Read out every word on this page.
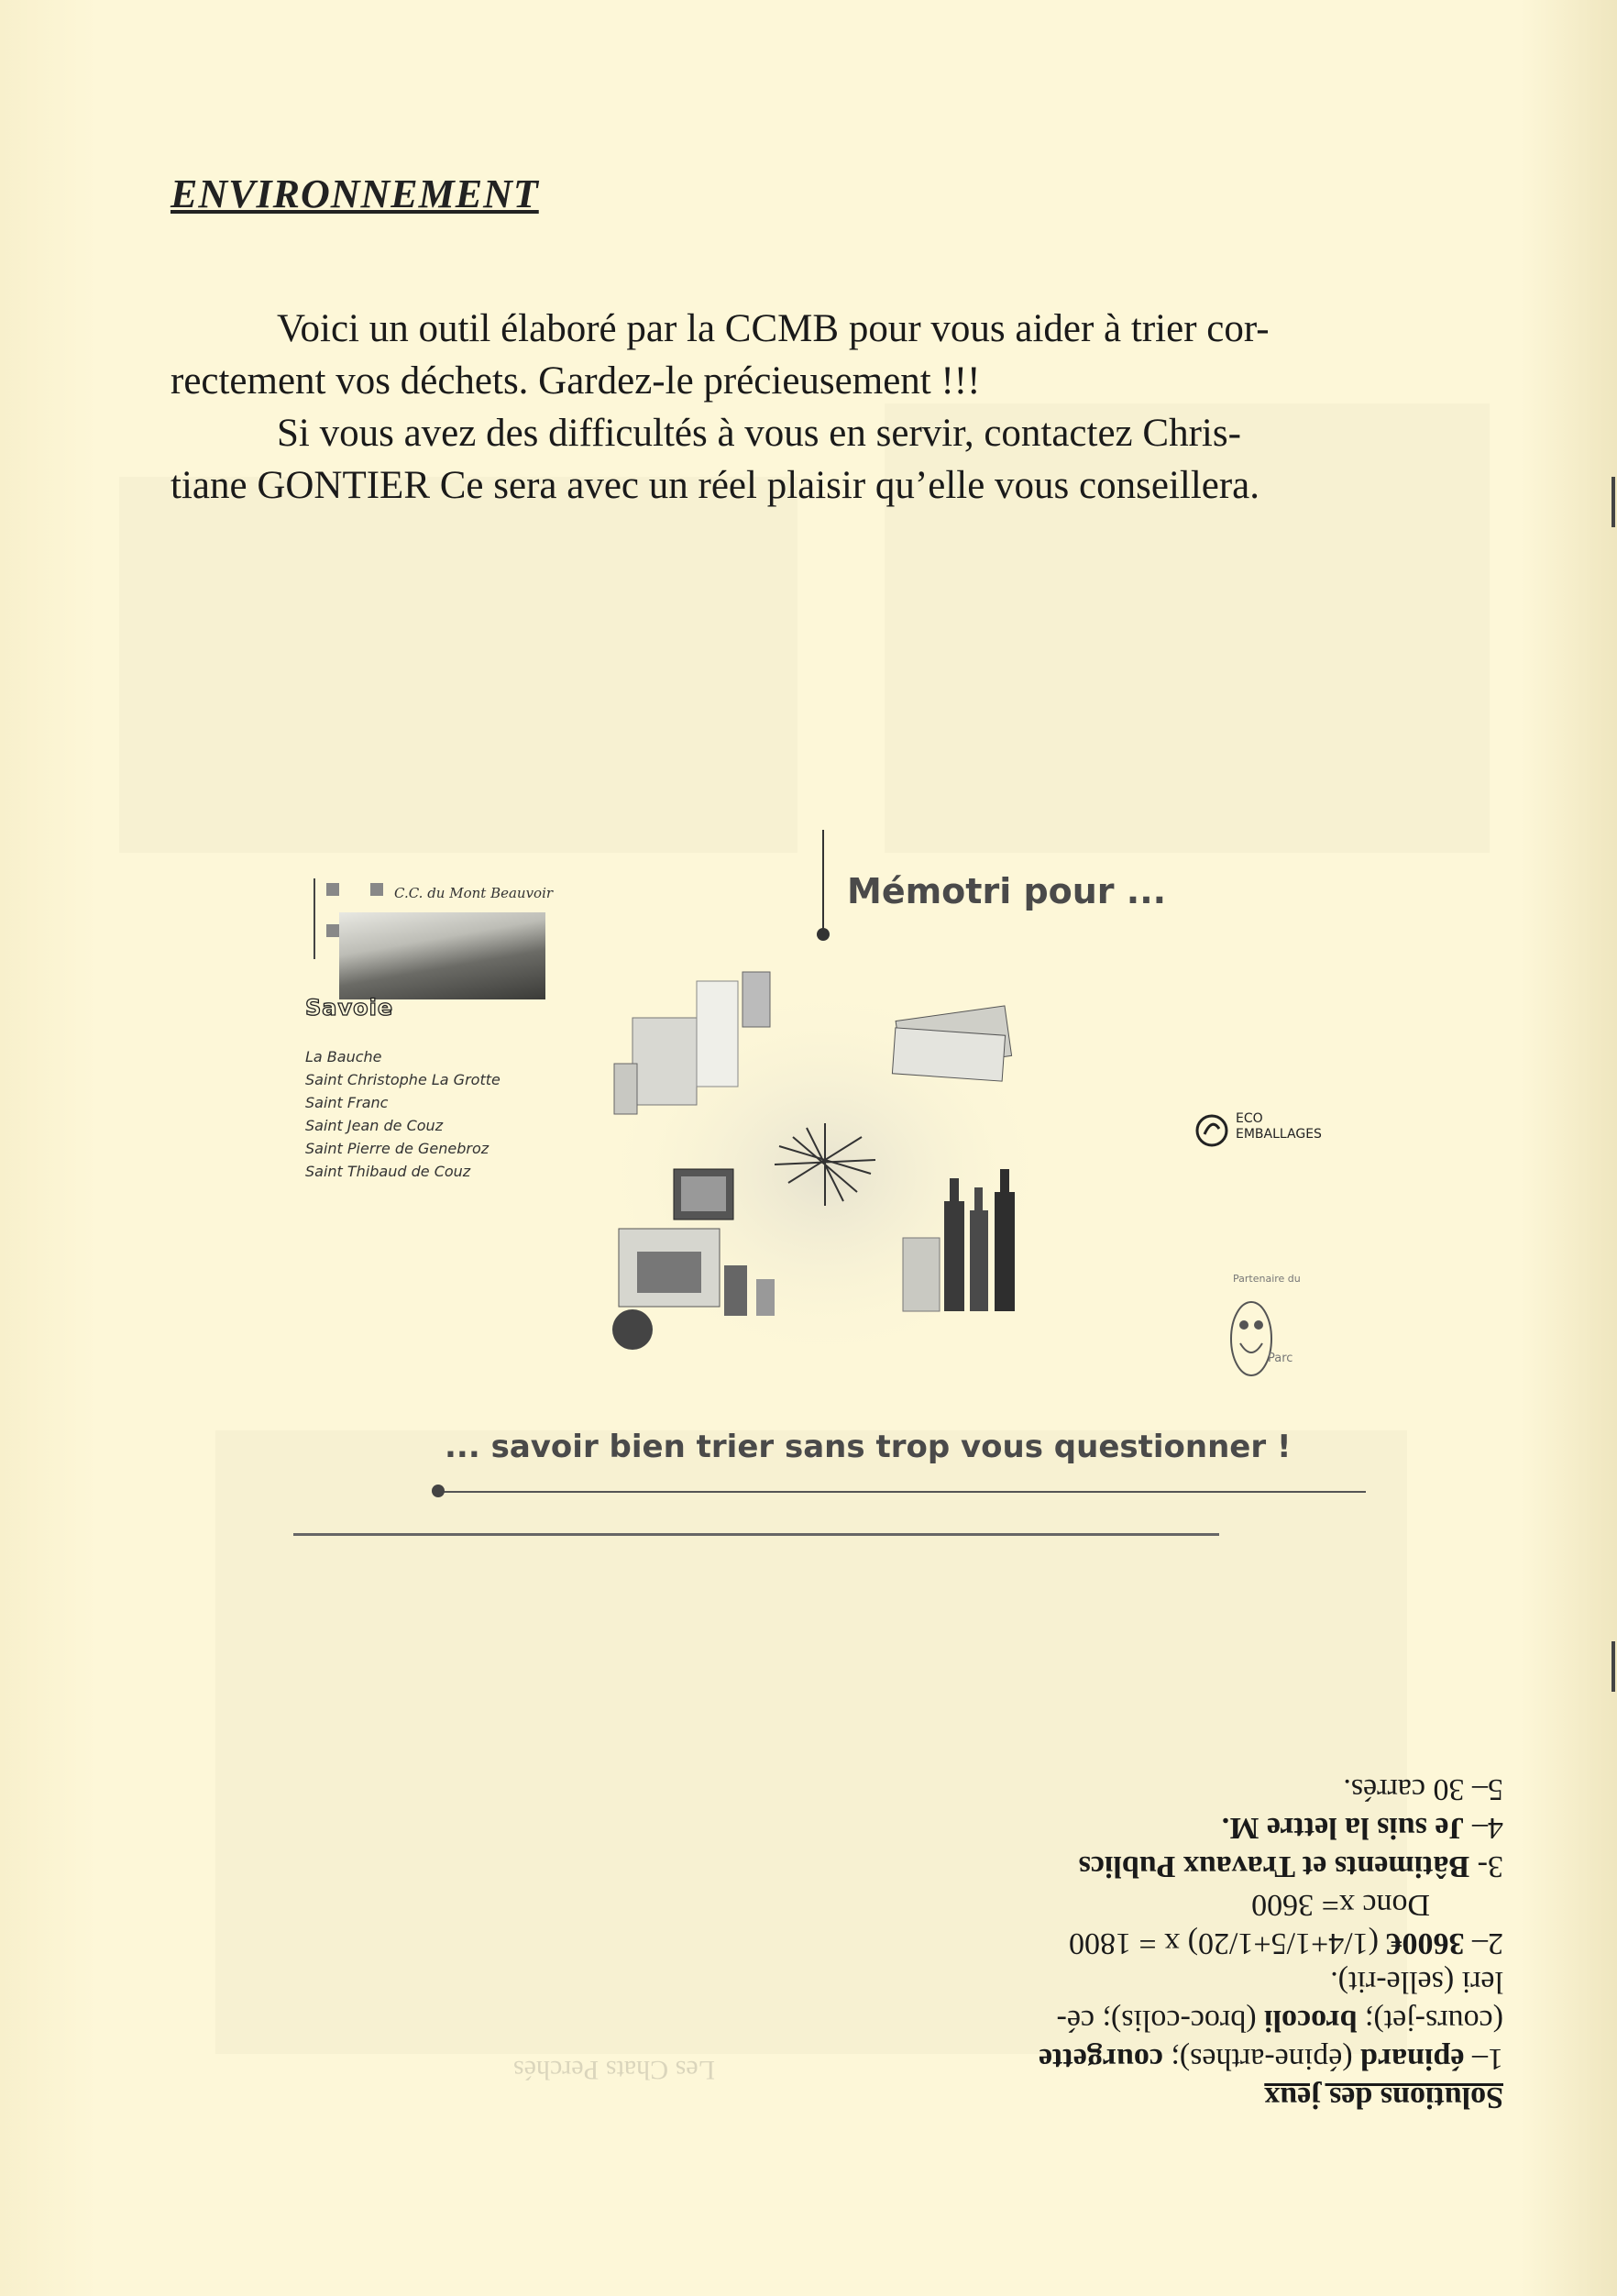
ENVIRONNEMENT

Voici un outil élaboré par la CCMB pour vous aider à trier cor-

rectement vos déchets. Gardez-le précieusement !!!

Si vous avez des difficultés à vous en servir, contactez Chris-

tiane GONTIER Ce sera avec un réel plaisir qu’elle vous conseillera.

Mémotri pour ...
C.C. du Mont Beauvoir
Savoie
La Bauche
Saint Christophe La Grotte
Saint Franc
Saint Jean de Couz
Saint Pierre de Genebroz
Saint Thibaud de Couz
ECO
EMBALLAGES
Partenaire du
Parc
... savoir bien trier sans trop vous questionner !
Les Chats Perchés

Solutions des jeux

1– épinard (épine-arthes); courgette

(cours-jet); brocoli (broc-colis); cé-

leri (selle-rit).

2– 3600€ (1/4+1/5+1/20) x = 1800

Donc x= 3600

3- Bâtiments et Travaux Publics

4– Je suis la lettre M.

5– 30 carrés.
